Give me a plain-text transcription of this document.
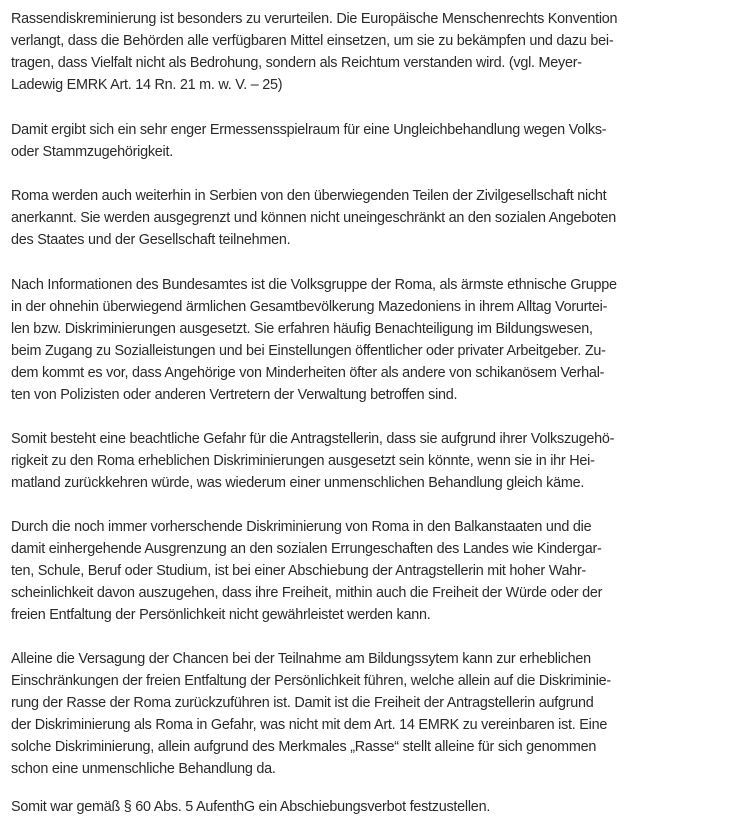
Rassendiskreminierung ist besonders zu verurteilen. Die Europäische Menschenrechts Konvention
verlangt, dass die Behörden alle verfügbaren Mittel einsetzen, um sie zu bekämpfen und dazu bei-
tragen, dass Vielfalt nicht als Bedrohung, sondern als Reichtum verstanden wird. (vgl. Meyer-
Ladewig EMRK Art. 14 Rn. 21 m. w. V. – 25)

Damit ergibt sich ein sehr enger Ermessensspielraum für eine Ungleichbehandlung wegen Volks-
oder Stammzugehörigkeit.

Roma werden auch weiterhin in Serbien von den überwiegenden Teilen der Zivilgesellschaft nicht
anerkannt. Sie werden ausgegrenzt und können nicht uneingeschränkt an den sozialen Angeboten
des Staates und der Gesellschaft teilnehmen.

Nach Informationen des Bundesamtes ist die Volksgruppe der Roma, als ärmste ethnische Gruppe
in der ohnehin überwiegend ärmlichen Gesamtbevölkerung Mazedoniens in ihrem Alltag Vorurtei-
len bzw. Diskriminierungen ausgesetzt. Sie erfahren häufig Benachteiligung im Bildungswesen,
beim Zugang zu Sozialleistungen und bei Einstellungen öffentlicher oder privater Arbeitgeber. Zu-
dem kommt es vor, dass Angehörige von Minderheiten öfter als andere von schikanösem Verhal-
ten von Polizisten oder anderen Vertretern der Verwaltung betroffen sind.

Somit besteht eine beachtliche Gefahr für die Antragstellerin, dass sie aufgrund ihrer Volkszugehö-
rigkeit zu den Roma erheblichen Diskriminierungen ausgesetzt sein könnte, wenn sie in ihr Hei-
matland zurückkehren würde, was wiederum einer unmenschlichen Behandlung gleich käme.

Durch die noch immer vorherschende Diskriminierung von Roma in den Balkanstaaten und die
damit einhergehende Ausgrenzung an den sozialen Errungeschaften des Landes wie Kindergar-
ten, Schule, Beruf oder Studium, ist bei einer Abschiebung der Antragstellerin mit hoher Wahr-
scheinlichkeit davon auszugehen, dass ihre Freiheit, mithin auch die Freiheit der Würde oder der
freien Entfaltung der Persönlichkeit nicht gewährleistet werden kann.

Alleine die Versagung der Chancen bei der Teilnahme am Bildungssytem kann zur erheblichen
Einschränkungen der freien Entfaltung der Persönlichkeit führen, welche allein auf die Diskriminie-
rung der Rasse der Roma zurückzuführen ist. Damit ist die Freiheit der Antragstellerin aufgrund
der Diskriminierung als Roma in Gefahr, was nicht mit dem Art. 14 EMRK zu vereinbaren ist. Eine
solche Diskriminierung, allein aufgrund des Merkmales „Rasse“ stellt alleine für sich genommen
schon eine unmenschliche Behandlung da.

Somit war gemäß § 60 Abs. 5 AufenthG ein Abschiebungsverbot festzustellen.
